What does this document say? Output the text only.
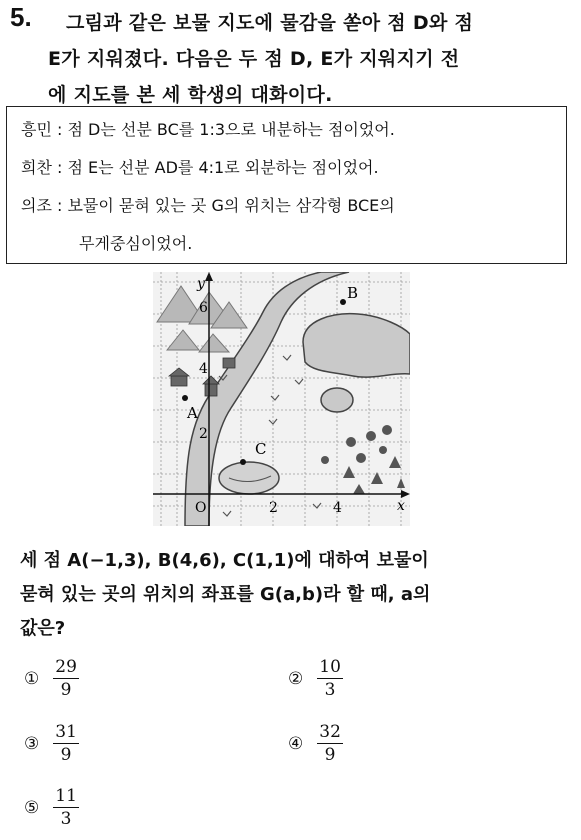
5. 그림과 같은 보물 지도에 물감을 쏟아 점 D와 점
E가 지워졌다. 다음은 두 점 D, E가 지워지기 전
에 지도를 본 세 학생의 대화이다.
흥민 : 점 D는 선분 BC를 1:3으로 내분하는 점이었어.
희찬 : 점 E는 선분 AD를 4:1로 외분하는 점이었어.
의조 : 보물이 묻혀 있는 곳 G의 위치는 삼각형 BCE의
무게중심이었어.
x
y
O	2	4
6
4
2
A
B
C
세 점 A(−1,3), B(4,6), C(1,1)에 대하여 보물이
묻혀 있는 곳의 위치의 좌표를 G(a,b)라 할 때, a의
값은?
① $\frac{29}{9}$	② $\frac{10}{3}$
③ $\frac{31}{9}$	④ $\frac{32}{9}$
⑤ $\frac{11}{3}$
